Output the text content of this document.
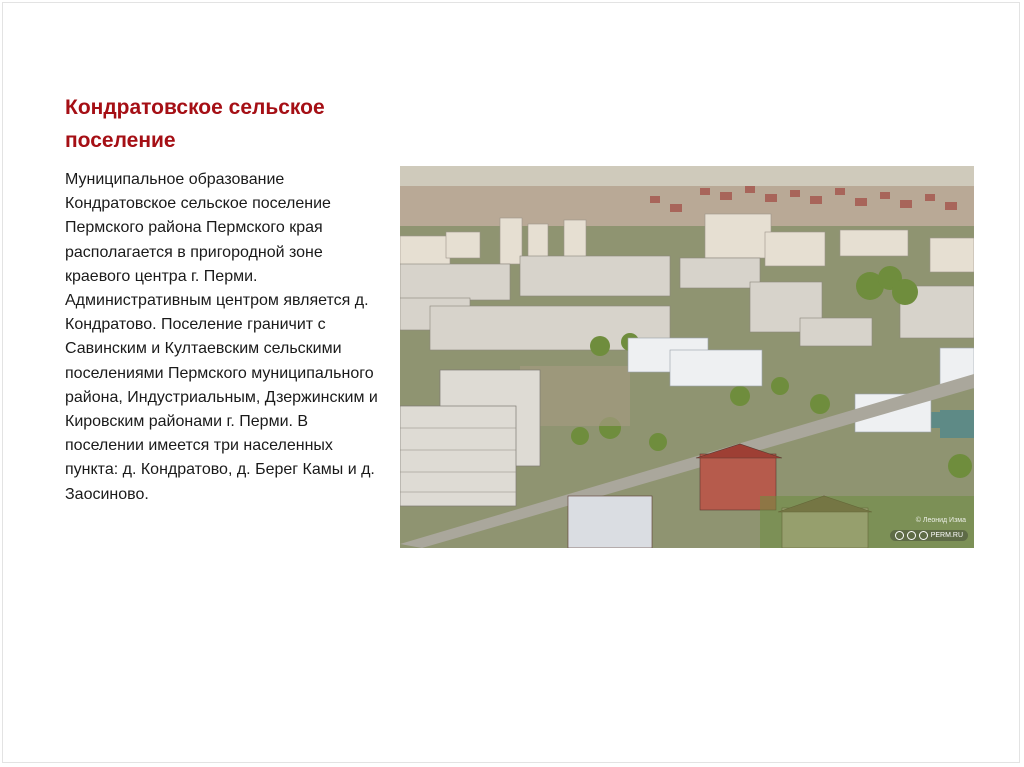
Кондратовское сельское поселение

Муниципальное образование Кондратовское сельское поселение Пермского района Пермского края располагается в пригородной зоне краевого центра г. Перми. Административным центром является д. Кондратово. Поселение граничит с Савинским и Култаевским сельскими поселениями Пермского муниципального района, Индустриальным, Дзержинским и Кировским районами г. Перми. В поселении имеется три населенных пункта: д. Кондратово, д. Берег Камы и д. Заосиново.

© Леонид Изма
PERM.RU
